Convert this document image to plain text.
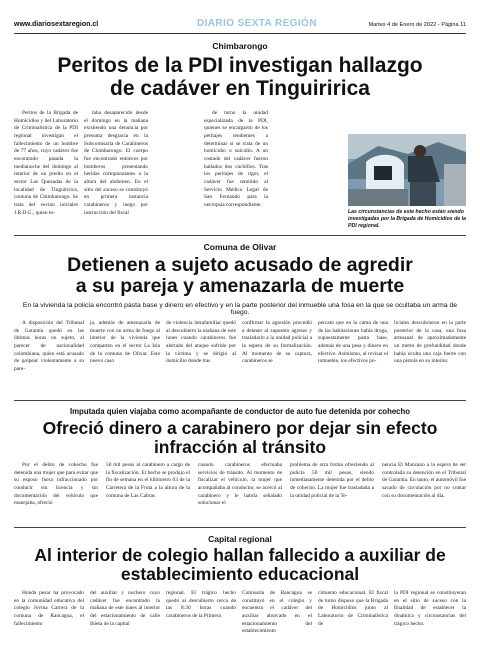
www.diariosextaregion.cl	DIARIO SEXTA REGIÓN	Martes 4 de Enero de 2022 - Página 11
Chimbarongo
Peritos de la PDI investigan hallazgo
de cadáver en Tinguiririca

Peritos de la Brigada de Homicidios y del Laboratorio de Criminalística de la PDI regional investigan el fallecimiento de un hombre de 77 años, cuyo cadáver fue encontrado pasada la medianoche del domingo al interior de un predio en el sector Las Quezadas de la localidad de Tinguiririca, comuna de Chimbarongo. Se trata del vecino iniciales J.R.D.G., quien es-

taba desaparecido desde el domingo en la mañana existiendo una denuncia por presunta desgracia en la Subcomisaría de Carabineros de Chimbarongo. El cuerpo fue encontrado entonces por bomberos presentando heridas cortopunzantes a la altura del abdomen. En el sitio del suceso se constituyó en primera instancia carabineros y luego por instrucción del fiscal

de turno la unidad especializada de la PDI, quienes se encargaron de los peritajes tendientes a determinar si se trata de un homicidio o suicidio. A un costado del cadáver fueron hallados dos cuchillos. Tras los peritajes de rigor, el cadáver fue remitido al Servicio Médico Legal de San Fernando para la necropsia correspondiente.

Las circunstancias de este hecho están siendo investigadas por la Brigada de Homicidios de la PDI regional.
Comuna de Olivar
Detienen a sujeto acusado de agredir
a su pareja y amenazarla de muerte
En la vivienda la policía encontró pasta base y dinero en efectivo y en la parte posterior del inmueble una fosa en la que se ocultaba un arma de fuego.

A disposición del Tribunal de Garantía quedó en las últimas horas un sujeto, al parecer de nacionalidad colombiana, quien está acusado de golpear violentamente a su pare-

ja, además de amenazarla de muerte con un arma de fuego al interior de la vivienda que comparten en el sector La Isla de la comuna de Olivar. Este nuevo caso

de violencia intrafamiliar quedó al descubierto la mañana de este lunes cuando carabineros fue alertado del ataque sufrido por la víctima y se dirigió al domicilio donde tras

confirmar la agresión procedió a detener al supuesto agresor y trasladarlo a la unidad policial a la espera de su formalización. Al momento de su captura, carabineros se

percató que en la cama de una de las habitaciones había droga, supuestamente pasta base, además de una pesa y dinero en efectivo. Asimismo, al revisar el inmueble, los efectivos po-

liciales descubrieron en la parte posterior de la casa, una fosa artesanal de aproximadamente un metro de profundidad donde había oculta una caja fuerte con una pistola en su interior.

Imputada quien viajaba como acompañante de conductor de auto fue detenida por cohecho
Ofreció dinero a carabinero por dejar sin efecto
infracción al tránsito

Por el delito de cohecho fue detenida una mujer que para evitar que su esposo fuera infraccionado por conducir sin licencia y sin documentación del vehículo que manejaba, ofreció

50 mil pesos al carabinero a cargo de la fiscalización. El hecho se produjo el fin de semana en el kilómetro 63 de la Carretera de la Fruta a la altura de la comuna de Las Cabras

cuando carabineros efectuaba servicios de tránsito. Al momento de fiscalizar el vehículo, la mujer que acompañaba al conductor, se acercó al carabinero y le habría señalado solucionar el

problema de otra forma ofreciendo al policía 50 mil pesos, siendo inmediatamente detenida por el delito de cohecho. La mujer fue trasladada a la unidad policial de la Te-

nencia El Manzano a la espera de ser controlada su detención en el Tribunal de Garantía. En tanto, el automóvil fue sacado de circulación por no contar con su documentación al día.

Capital regional
Al interior de colegio hallan fallecido a auxiliar de
establecimiento educacional

Honda pesar ha provocado en la comunidad educativa del colegio Jovina Carrera de la comuna de Rancagua, el fallecimiento

del auxiliar y nochero cuyo cadáver fue encontrado la mañana de este lunes al interior del estacionamiento de calle Ibieta de la capital

regional. El trágico hecho quedó al descubierto cerca de las 8:30 horas cuando carabineros de la Primera

Comisaría de Rancagua se constituyó en el colegio y encuentra el cadáver del auxiliar ahorcado en el estacionamiento del establecimiento

cimiento educacional. El fiscal de turno dispuso que la Brigada de Homicidios junto al Laboratorio de Criminalística de

la PDI regional se constituyeran en el sitio de suceso con la finalidad de establecer la dinámica y circunstancias del trágico hecho.
